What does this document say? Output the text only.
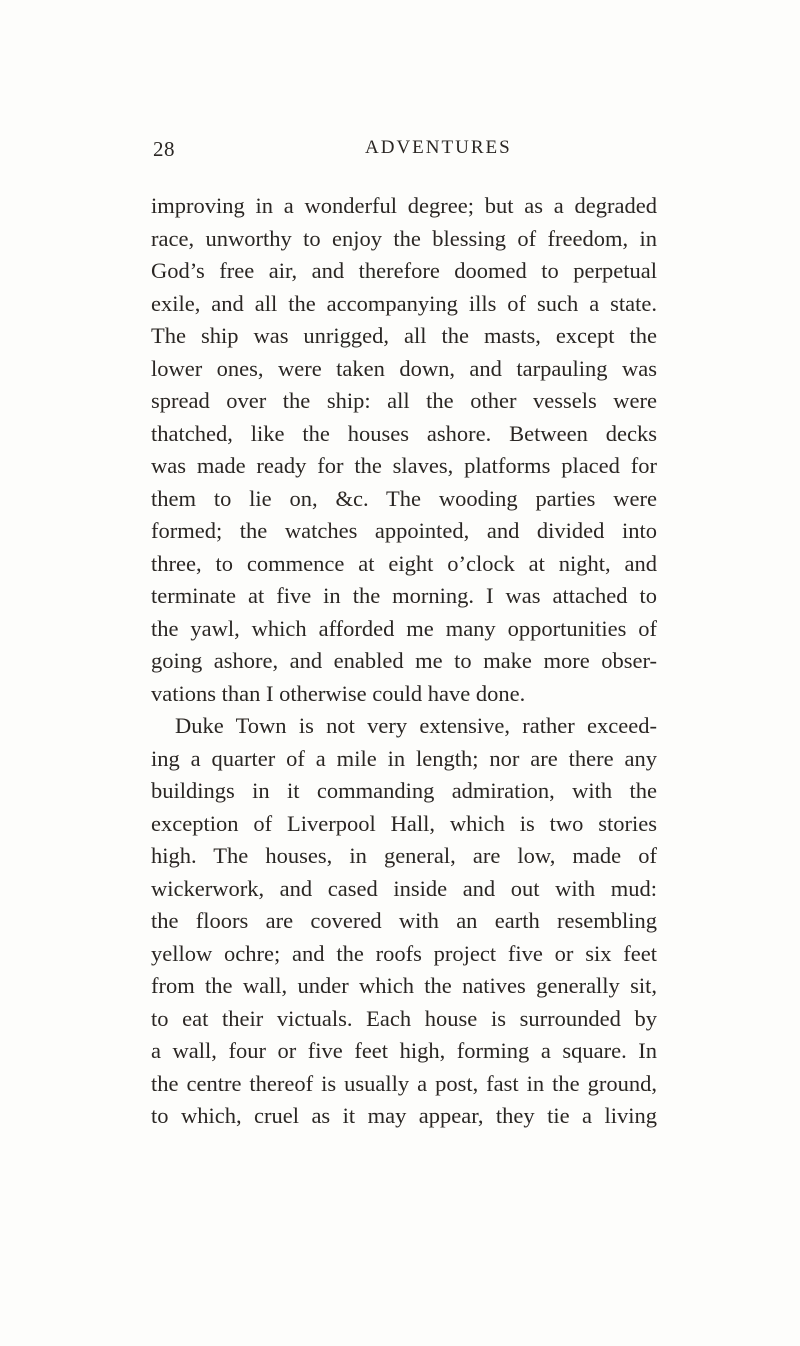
28	ADVENTURES
improving in a wonderful degree; but as a degraded
race, unworthy to enjoy the blessing of freedom, in
God’s free air, and therefore doomed to perpetual
exile, and all the accompanying ills of such a state.
The ship was unrigged, all the masts, except the
lower ones, were taken down, and tarpauling was
spread over the ship: all the other vessels were
thatched, like the houses ashore. Between decks
was made ready for the slaves, platforms placed for
them to lie on, &c. The wooding parties were
formed; the watches appointed, and divided into
three, to commence at eight o’clock at night, and
terminate at five in the morning. I was attached to
the yawl, which afforded me many opportunities of
going ashore, and enabled me to make more obser-
vations than I otherwise could have done.
Duke Town is not very extensive, rather exceed-
ing a quarter of a mile in length; nor are there any
buildings in it commanding admiration, with the
exception of Liverpool Hall, which is two stories
high. The houses, in general, are low, made of
wickerwork, and cased inside and out with mud:
the floors are covered with an earth resembling
yellow ochre; and the roofs project five or six feet
from the wall, under which the natives generally sit,
to eat their victuals. Each house is surrounded by
a wall, four or five feet high, forming a square. In
the centre thereof is usually a post, fast in the ground,
to which, cruel as it may appear, they tie a living
